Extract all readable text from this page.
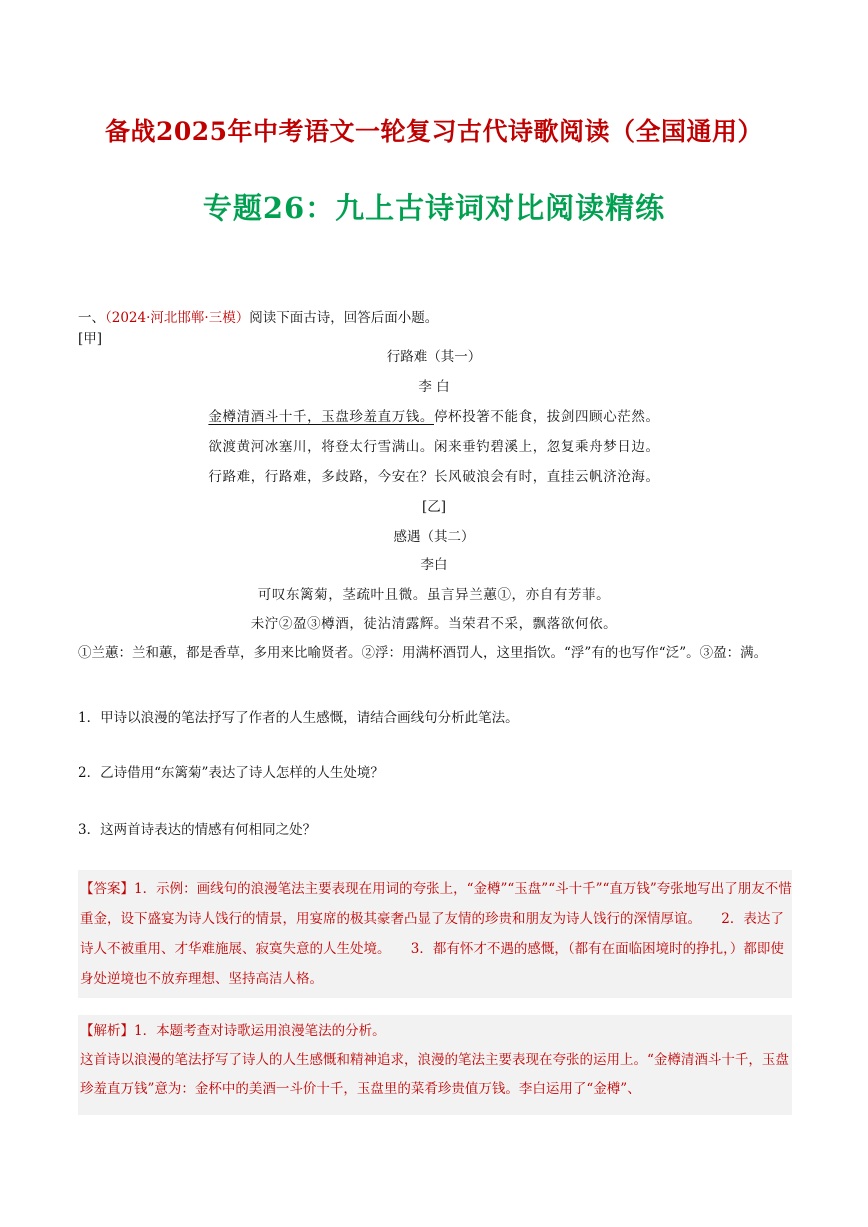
备战2025年中考语文一轮复习古代诗歌阅读（全国通用）
专题26：九上古诗词对比阅读精练
一、（2024·河北邯郸·三模）阅读下面古诗，回答后面小题。
[甲]
行路难（其一）
李 白
金樽清酒斗十千，玉盘珍羞直万钱。停杯投箸不能食，拔剑四顾心茫然。
欲渡黄河冰塞川，将登太行雪满山。闲来垂钓碧溪上，忽复乘舟梦日边。
行路难，行路难，多歧路，今安在？长风破浪会有时，直挂云帆济沧海。
[乙]
感遇（其二）
李白
可叹东篱菊，茎疏叶且微。虽言异兰蕙①，亦自有芳菲。
未泞②盈③樽酒，徒沾清露辉。当荣君不采，飘落欲何依。
①兰蕙：兰和蕙，都是香草，多用来比喻贤者。②浮：用满杯酒罚人，这里指饮。“浮”有的也写作“泛”。③盈：满。
1．甲诗以浪漫的笔法抒写了作者的人生感慨，请结合画线句分析此笔法。
2．乙诗借用“东篱菊”表达了诗人怎样的人生处境？
3．这两首诗表达的情感有何相同之处？

【答案】1．示例：画线句的浪漫笔法主要表现在用词的夸张上，“金樽”“玉盘”“斗十千”“直万钱”夸张地写出了朋友不惜重金，设下盛宴为诗人饯行的情景，用宴席的极其豪奢凸显了友情的珍贵和朋友为诗人饯行的深情厚谊。　　2．表达了诗人不被重用、才华难施展、寂寞失意的人生处境。　　3．都有怀才不遇的感慨，（都有在面临困境时的挣扎，）都即使身处逆境也不放弃理想、坚持高洁人格。

【解析】1．本题考查对诗歌运用浪漫笔法的分析。

这首诗以浪漫的笔法抒写了诗人的人生感慨和精神追求，浪漫的笔法主要表现在夸张的运用上。“金樽清酒斗十千，玉盘珍羞直万钱”意为：金杯中的美酒一斗价十千，玉盘里的菜肴珍贵值万钱。李白运用了“金樽”、
